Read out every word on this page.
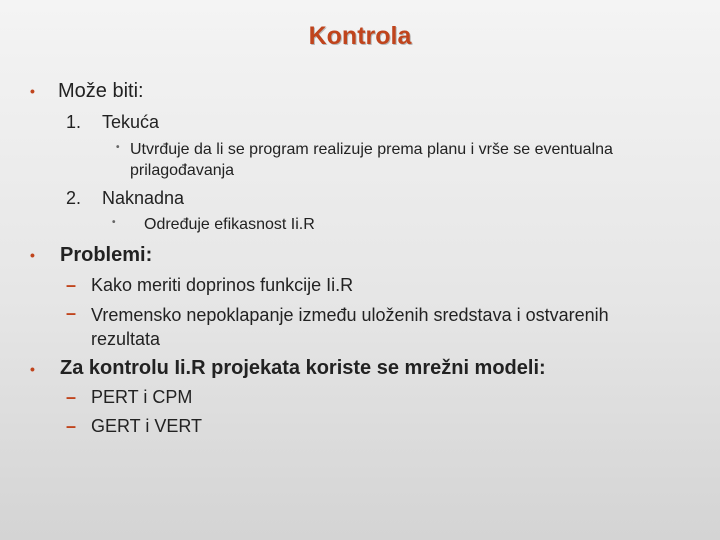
Kontrola
• Može biti:
1. Tekuća
• Utvrđuje da li se program realizuje prema planu i vrše se eventualna prilagođavanja
2. Naknadna
• Određuje efikasnost Ii.R
• Problemi:
– Kako meriti doprinos funkcije Ii.R
– Vremensko nepoklapanje između uloženih sredstava i ostvarenih rezultata
• Za kontrolu Ii.R projekata koriste se mrežni modeli:
– PERT i CPM
– GERT i VERT
